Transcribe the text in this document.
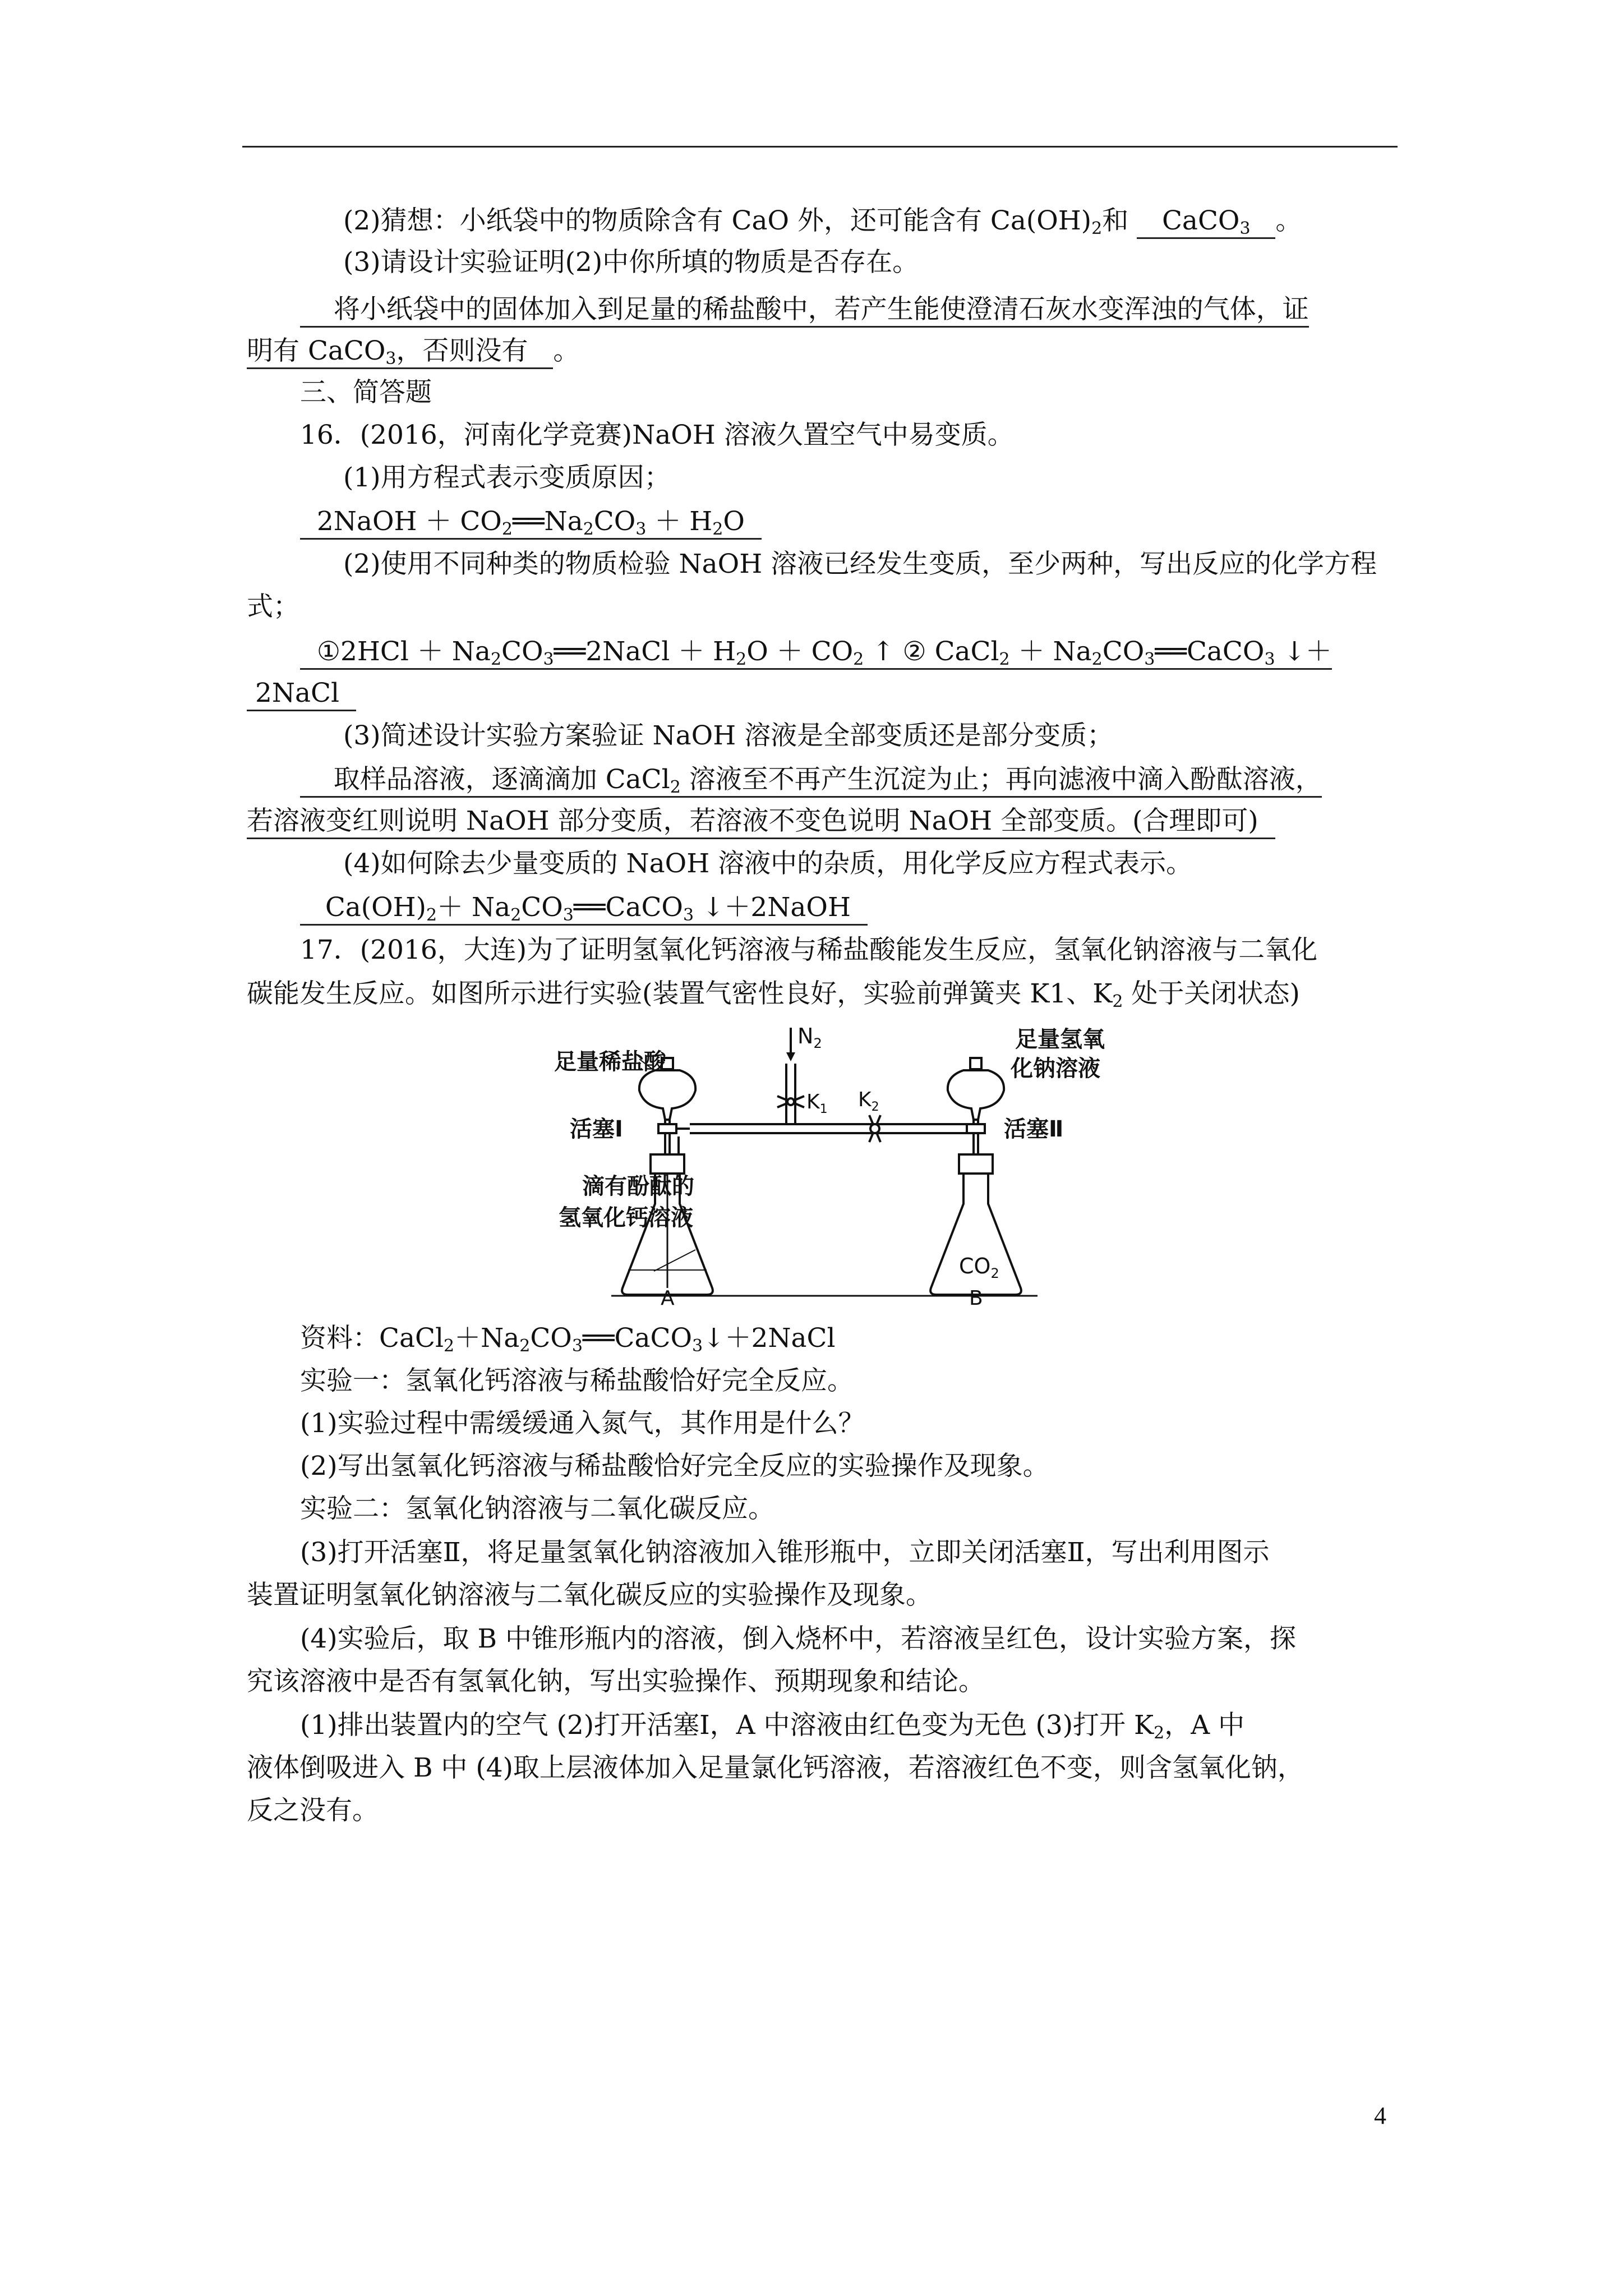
(2)猜想：小纸袋中的物质除含有 CaO 外，还可能含有 $Ca(OH)_2$和 CaCO$_3$ 。
(3)请设计实验证明(2)中你所填的物质是否存在。
将小纸袋中的固体加入到足量的稀盐酸中，若产生能使澄清石灰水变浑浊的气体，证
明有 CaCO$_3$，否则没有 。
三、简答题
16．(2016，河南化学竞赛)NaOH 溶液久置空气中易变质。
(1)用方程式表示变质原因；
2NaOH ＋ $CO_2══Na_2CO_3 + H_2O$
(2)使用不同种类的物质检验 NaOH 溶液已经发生变质，至少两种，写出反应的化学方程
式；
①2HCl ＋ $Na_2CO_3══2NaCl + H_2O + CO_2$ ↑ ② CaCl$_2$ ＋ $Na_2CO_3══CaCO_3$ ↓＋
2NaCl
(3)简述设计实验方案验证 NaOH 溶液是全部变质还是部分变质；
取样品溶液，逐滴滴加 CaCl$_2$ 溶液至不再产生沉淀为止；再向滤液中滴入酚酞溶液，
若溶液变红则说明 NaOH 部分变质，若溶液不变色说明 NaOH 全部变质。(合理即可)
(4)如何除去少量变质的 NaOH 溶液中的杂质，用化学反应方程式表示。
$Ca(OH)_2+$ $Na_2CO_3══CaCO_3$ ↓＋2NaOH
17．(2016，大连)为了证明氢氧化钙溶液与稀盐酸能发生反应，氢氧化钠溶液与二氧化
碳能发生反应。如图所示进行实验(装置气密性良好，实验前弹簧夹 K1、$K_2$ 处于关闭状态)
$N_2$
$K_1$ $K_2$
足量稀盐酸
足量氢氧
化钠溶液
活塞Ⅰ	活塞Ⅱ
滴有酚酞的
氢氧化钙溶液
$CO_2$
A	B
资料：$CaCl_2+Na_2CO_3══CaCO_3↓+2NaCl$
实验一：氢氧化钙溶液与稀盐酸恰好完全反应。
(1)实验过程中需缓缓通入氮气，其作用是什么？
(2)写出氢氧化钙溶液与稀盐酸恰好完全反应的实验操作及现象。
实验二：氢氧化钠溶液与二氧化碳反应。
(3)打开活塞Ⅱ，将足量氢氧化钠溶液加入锥形瓶中，立即关闭活塞Ⅱ，写出利用图示
装置证明氢氧化钠溶液与二氧化碳反应的实验操作及现象。
(4)实验后，取 B 中锥形瓶内的溶液，倒入烧杯中，若溶液呈红色，设计实验方案，探
究该溶液中是否有氢氧化钠，写出实验操作、预期现象和结论。
(1)排出装置内的空气 (2)打开活塞Ⅰ，A 中溶液由红色变为无色 (3)打开 $K_2$，A 中
液体倒吸进入 B 中 (4)取上层液体加入足量氯化钙溶液，若溶液红色不变，则含氢氧化钠，
反之没有。
4
